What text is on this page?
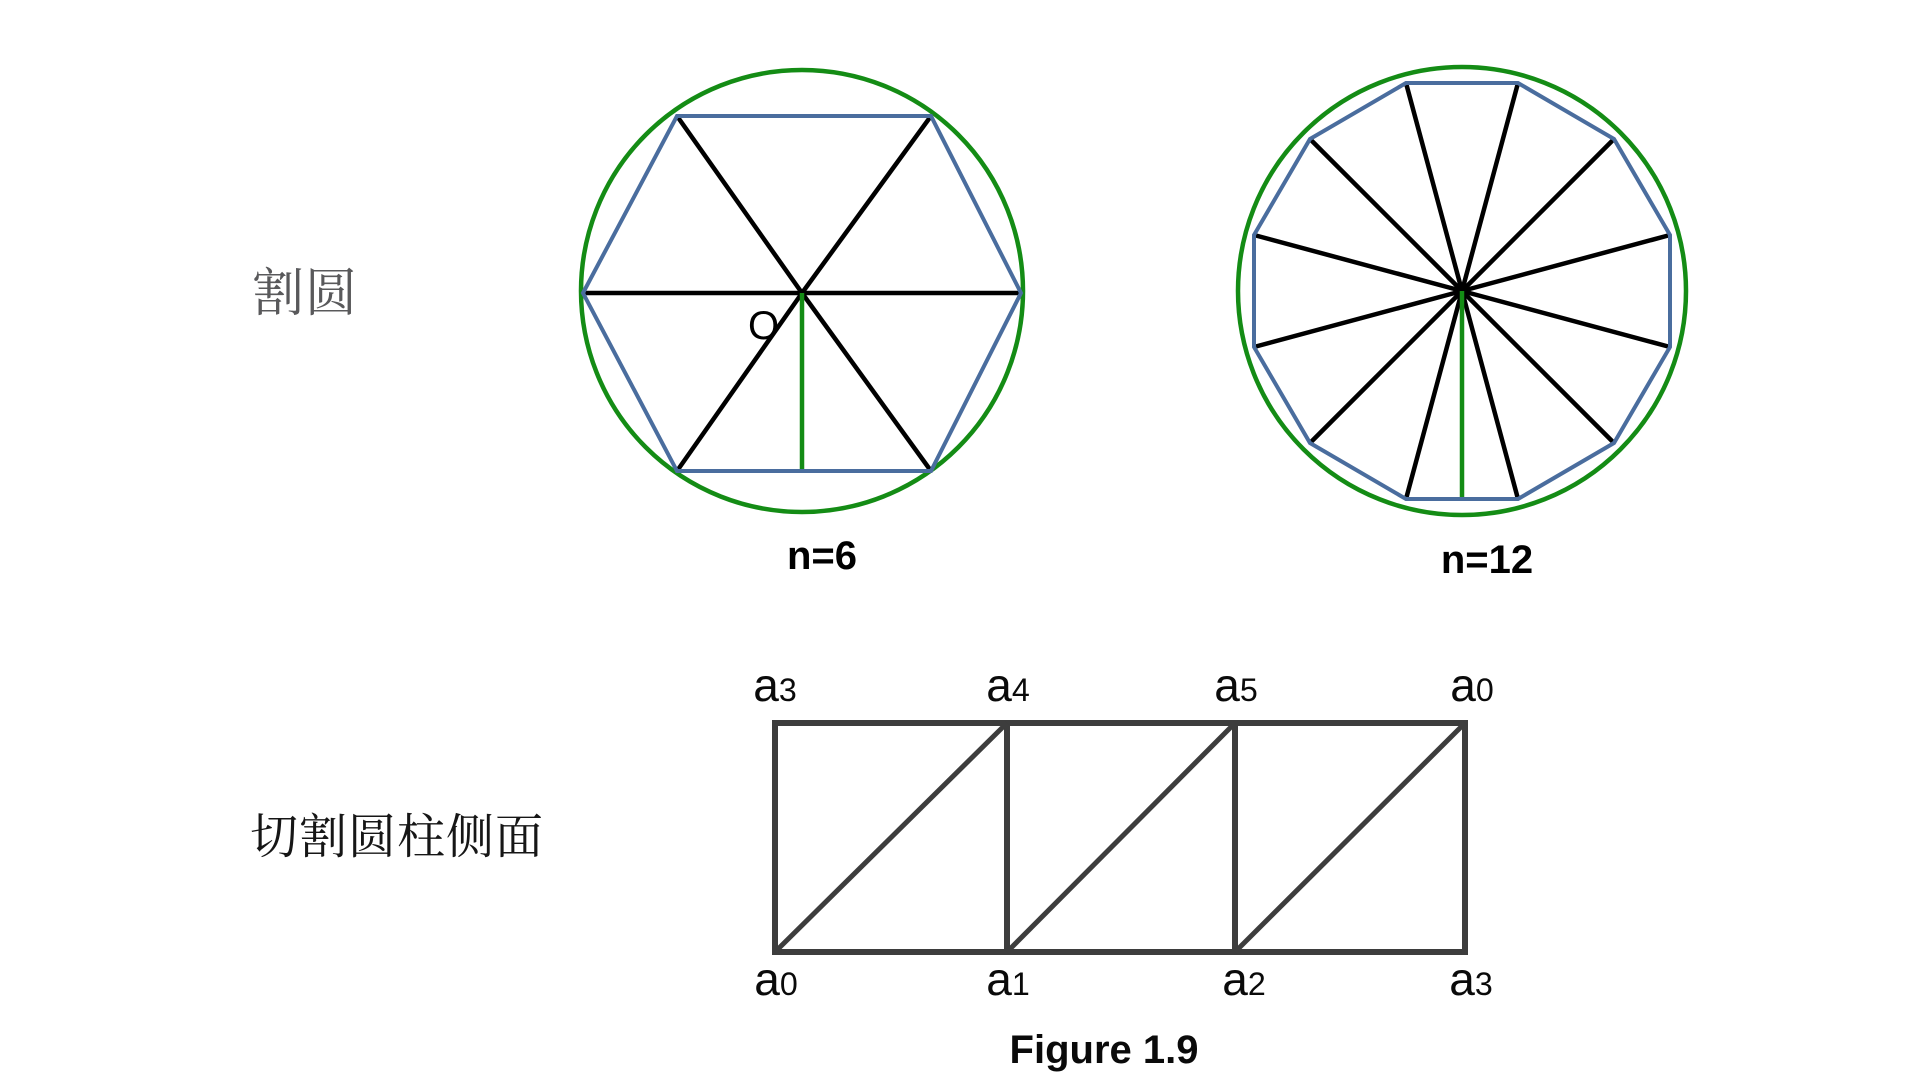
割圆
O
n=6	n=12
切割圆柱侧面
a3	a4	a5	a0
a0	a1	a2	a3
Figure 1.9
